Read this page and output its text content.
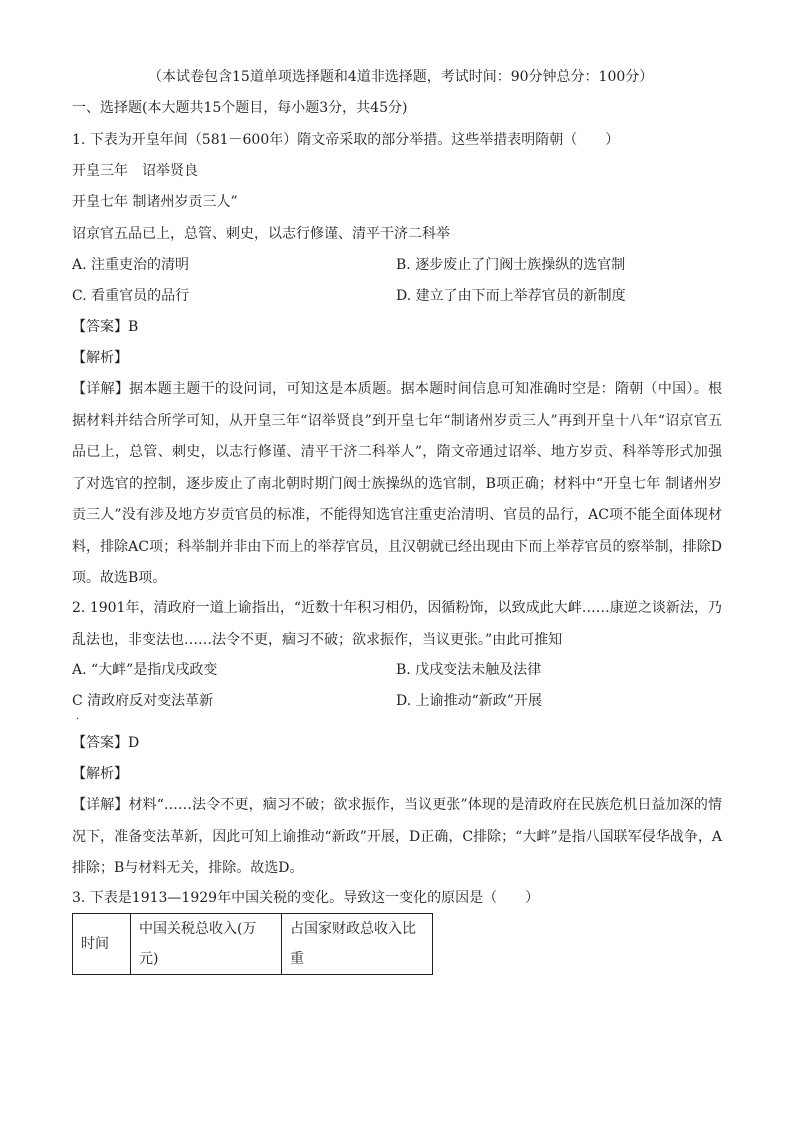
（本试卷包含15道单项选择题和4道非选择题，考试时间：90分钟总分：100分）
一、选择题(本大题共15个题目，每小题3分，共45分)
1. 下表为开皇年间（581－600年）隋文帝采取的部分举措。这些举措表明隋朝（　　）
开皇三年　诏举贤良
开皇七年 制诸州岁贡三人”
诏京官五品已上，总管、刺史，以志行修谨、清平干济二科举
A. 注重吏治的清明	B. 逐步废止了门阀士族操纵的选官制
C. 看重官员的品行	D. 建立了由下而上举荐官员的新制度
【答案】B
【解析】
【详解】据本题主题干的设问词，可知这是本质题。据本题时间信息可知准确时空是：隋朝（中国）。根据材料并结合所学可知，从开皇三年“诏举贤良”到开皇七年“制诸州岁贡三人”再到开皇十八年“诏京官五品已上，总管、刺史，以志行修谨、清平干济二科举人”，隋文帝通过诏举、地方岁贡、科举等形式加强了对选官的控制，逐步废止了南北朝时期门阀士族操纵的选官制，B项正确；材料中“开皇七年 制诸州岁贡三人”没有涉及地方岁贡官员的标准，不能得知选官注重吏治清明、官员的品行，AC项不能全面体现材料，排除AC项；科举制并非由下而上的举荐官员，且汉朝就已经出现由下而上举荐官员的察举制，排除D项。故选B项。
2. 1901年，清政府一道上谕指出，“近数十年积习相仍，因循粉饰，以致成此大衅……康逆之谈新法，乃乱法也，非变法也……法令不更，痼习不破；欲求振作，当议更张。”由此可推知
A. “大衅”是指戊戌政变	B. 戊戌变法未触及法律
C 清政府反对变法革新	D. 上谕推动“新政”开展
·
【答案】D
【解析】
【详解】材料“……法令不更，痼习不破；欲求振作，当议更张”体现的是清政府在民族危机日益加深的情况下，准备变法革新，因此可知上谕推动“新政”开展，D正确，C排除；“大衅”是指八国联军侵华战争，A排除；B与材料无关，排除。故选D。
3. 下表是1913—1929年中国关税的变化。导致这一变化的原因是（　　）
时间	中国关税总收入(万元)	占国家财政总收入比重
